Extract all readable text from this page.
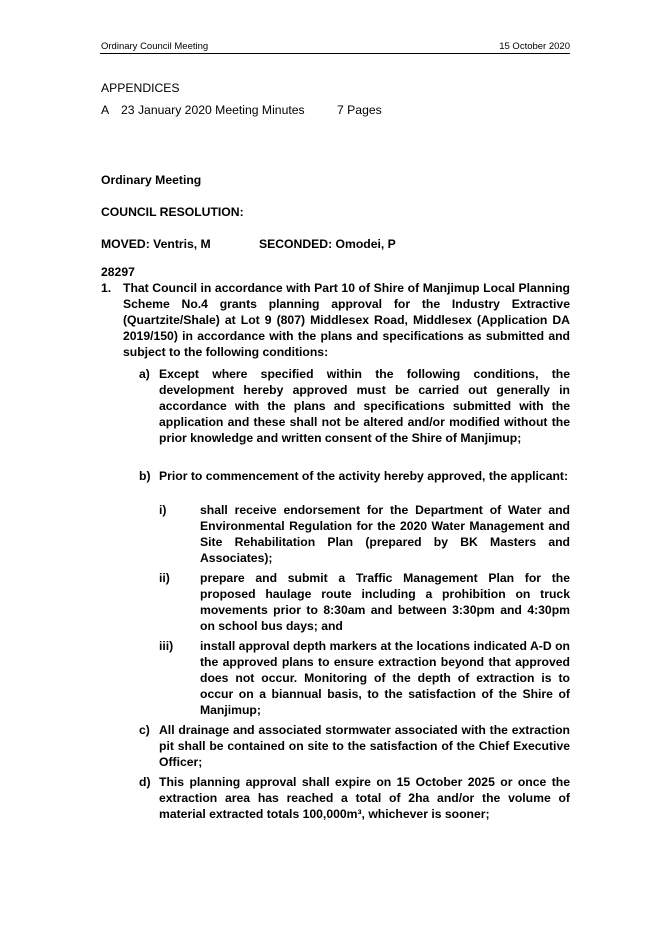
Ordinary Council Meeting	15 October 2020
APPENDICES
A 23 January 2020 Meeting Minutes	7 Pages
Ordinary Meeting
COUNCIL RESOLUTION:
MOVED: Ventris, M	SECONDED: Omodei, P
28297
1. That Council in accordance with Part 10 of Shire of Manjimup Local Planning Scheme No.4 grants planning approval for the Industry Extractive (Quartzite/Shale) at Lot 9 (807) Middlesex Road, Middlesex (Application DA 2019/150) in accordance with the plans and specifications as submitted and subject to the following conditions:
a) Except where specified within the following conditions, the development hereby approved must be carried out generally in accordance with the plans and specifications submitted with the application and these shall not be altered and/or modified without the prior knowledge and written consent of the Shire of Manjimup;
b) Prior to commencement of the activity hereby approved, the applicant:
i)	shall receive endorsement for the Department of Water and Environmental Regulation for the 2020 Water Management and Site Rehabilitation Plan (prepared by BK Masters and Associates);
ii) prepare and submit a Traffic Management Plan for the proposed haulage route including a prohibition on truck movements prior to 8:30am and between 3:30pm and 4:30pm on school bus days; and
iii) install approval depth markers at the locations indicated A-D on the approved plans to ensure extraction beyond that approved does not occur. Monitoring of the depth of extraction is to occur on a biannual basis, to the satisfaction of the Shire of Manjimup;
c) All drainage and associated stormwater associated with the extraction pit shall be contained on site to the satisfaction of the Chief Executive Officer;
d) This planning approval shall expire on 15 October 2025 or once the extraction area has reached a total of 2ha and/or the volume of material extracted totals 100,000m³, whichever is sooner;
